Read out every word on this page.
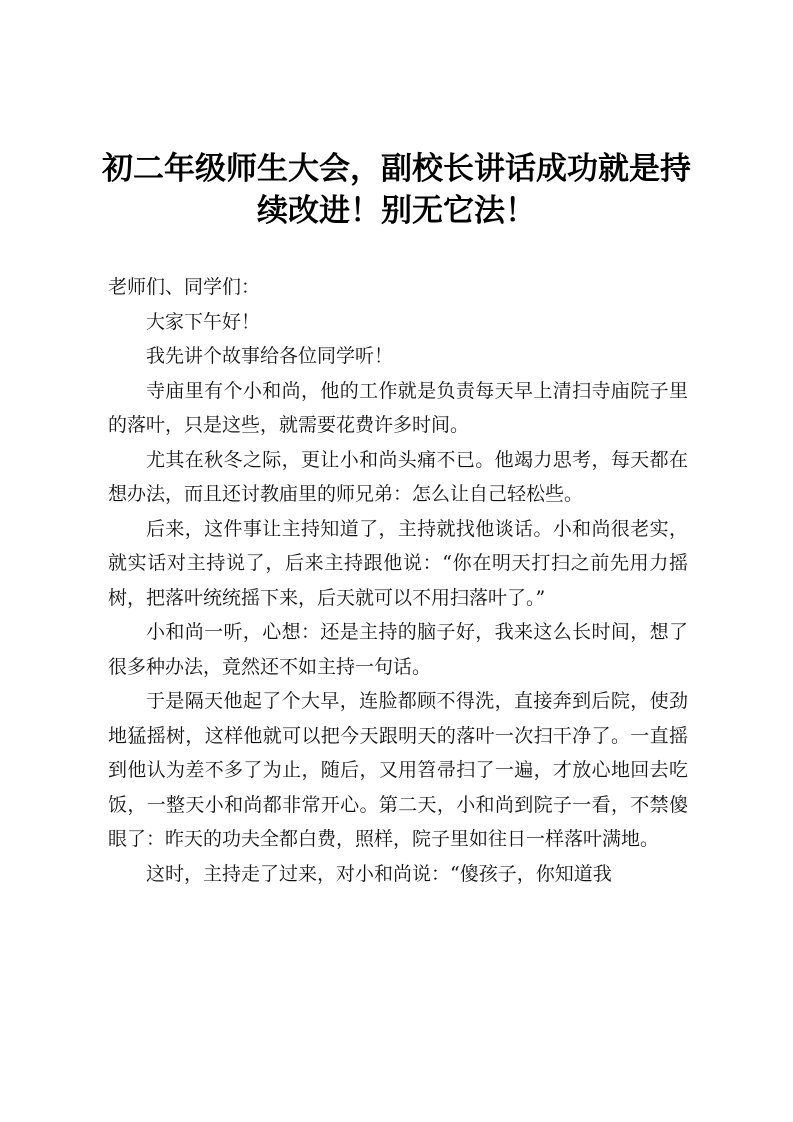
初二年级师生大会，副校长讲话成功就是持续改进！别无它法！

老师们、同学们：

大家下午好！

我先讲个故事给各位同学听！

寺庙里有个小和尚，他的工作就是负责每天早上清扫寺庙院子里的落叶，只是这些，就需要花费许多时间。

尤其在秋冬之际，更让小和尚头痛不已。他竭力思考，每天都在想办法，而且还讨教庙里的师兄弟：怎么让自己轻松些。

后来，这件事让主持知道了，主持就找他谈话。小和尚很老实，就实话对主持说了，后来主持跟他说：“你在明天打扫之前先用力摇树，把落叶统统摇下来，后天就可以不用扫落叶了。”

小和尚一听，心想：还是主持的脑子好，我来这么长时间，想了很多种办法，竟然还不如主持一句话。

于是隔天他起了个大早，连脸都顾不得洗，直接奔到后院，使劲地猛摇树，这样他就可以把今天跟明天的落叶一次扫干净了。一直摇到他认为差不多了为止，随后，又用笤帚扫了一遍，才放心地回去吃饭，一整天小和尚都非常开心。第二天，小和尚到院子一看，不禁傻眼了：昨天的功夫全都白费，照样，院子里如往日一样落叶满地。

这时，主持走了过来，对小和尚说：“傻孩子，你知道我
